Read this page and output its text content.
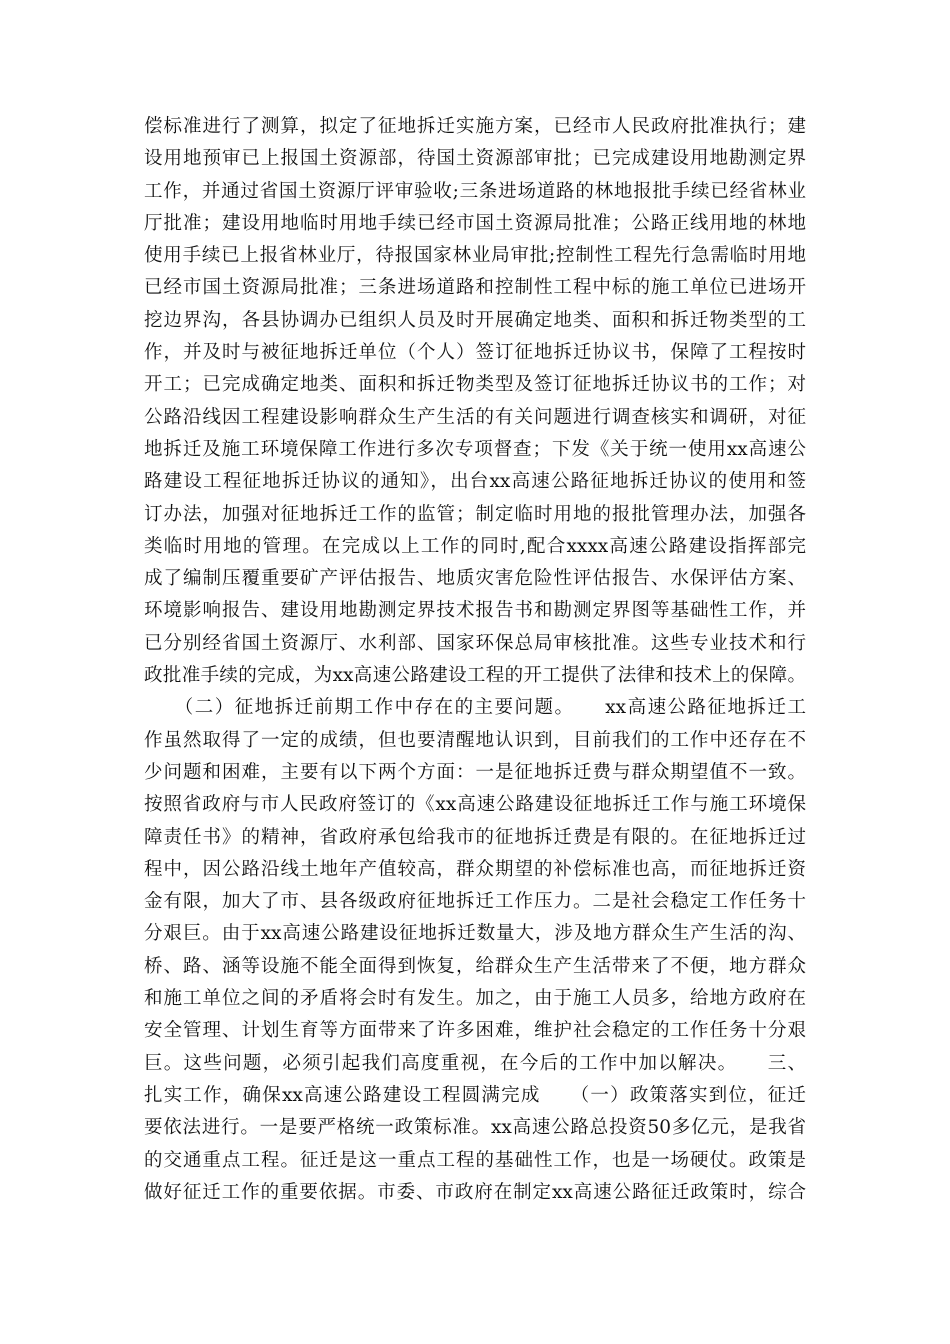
偿标准进行了测算，拟定了征地拆迁实施方案，已经市人民政府批准执行；建
设用地预审已上报国土资源部，待国土资源部审批；已完成建设用地勘测定界
工作，并通过省国土资源厅评审验收;三条进场道路的林地报批手续已经省林业
厅批准；建设用地临时用地手续已经市国土资源局批准；公路正线用地的林地
使用手续已上报省林业厅，待报国家林业局审批;控制性工程先行急需临时用地
已经市国土资源局批准；三条进场道路和控制性工程中标的施工单位已进场开
挖边界沟，各县协调办已组织人员及时开展确定地类、面积和拆迁物类型的工
作，并及时与被征地拆迁单位（个人）签订征地拆迁协议书，保障了工程按时
开工；已完成确定地类、面积和拆迁物类型及签订征地拆迁协议书的工作；对
公路沿线因工程建设影响群众生产生活的有关问题进行调查核实和调研，对征
地拆迁及施工环境保障工作进行多次专项督查；下发《关于统一使用xx高速公
路建设工程征地拆迁协议的通知》，出台xx高速公路征地拆迁协议的使用和签
订办法，加强对征地拆迁工作的监管；制定临时用地的报批管理办法，加强各
类临时用地的管理。在完成以上工作的同时,配合xxxx高速公路建设指挥部完
成了编制压覆重要矿产评估报告、地质灾害危险性评估报告、水保评估方案、
环境影响报告、建设用地勘测定界技术报告书和勘测定界图等基础性工作，并
已分别经省国土资源厅、水利部、国家环保总局审核批准。这些专业技术和行
政批准手续的完成，为xx高速公路建设工程的开工提供了法律和技术上的保障。
　　（二）征地拆迁前期工作中存在的主要问题。　　xx高速公路征地拆迁工
作虽然取得了一定的成绩，但也要清醒地认识到，目前我们的工作中还存在不
少问题和困难，主要有以下两个方面：一是征地拆迁费与群众期望值不一致。
按照省政府与市人民政府签订的《xx高速公路建设征地拆迁工作与施工环境保
障责任书》的精神，省政府承包给我市的征地拆迁费是有限的。在征地拆迁过
程中，因公路沿线土地年产值较高，群众期望的补偿标准也高，而征地拆迁资
金有限，加大了市、县各级政府征地拆迁工作压力。二是社会稳定工作任务十
分艰巨。由于xx高速公路建设征地拆迁数量大，涉及地方群众生产生活的沟、
桥、路、涵等设施不能全面得到恢复，给群众生产生活带来了不便，地方群众
和施工单位之间的矛盾将会时有发生。加之，由于施工人员多，给地方政府在
安全管理、计划生育等方面带来了许多困难，维护社会稳定的工作任务十分艰
巨。这些问题，必须引起我们高度重视，在今后的工作中加以解决。　　三、
扎实工作，确保xx高速公路建设工程圆满完成　　（一）政策落实到位，征迁
要依法进行。一是要严格统一政策标准。xx高速公路总投资50多亿元，是我省
的交通重点工程。征迁是这一重点工程的基础性工作，也是一场硬仗。政策是
做好征迁工作的重要依据。市委、市政府在制定xx高速公路征迁政策时，综合
